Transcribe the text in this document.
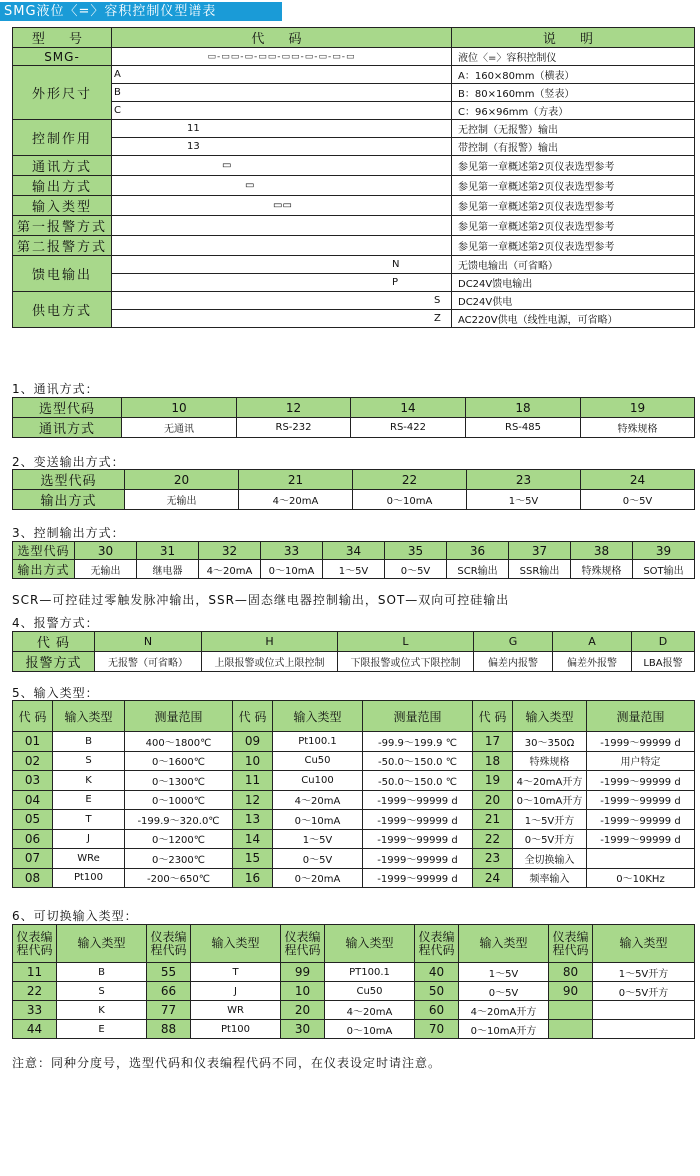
SMG液位〈=〉容积控制仪型谱表
型 号	代 码	说 明
SMG-	▭-▭▭-▭-▭▭-▭▭-▭-▭-▭-▭	液位〈=〉容积控制仪
外形尺寸	A	A：160×80mm（横表）
	B	B：80×160mm（竖表）
	C	C：96×96mm（方表）
控制作用	11	无控制（无报警）输出
	13	带控制（有报警）输出
通讯方式	▭	参见第一章概述第2页仪表选型参考
输出方式	▭	参见第一章概述第2页仪表选型参考
输入类型	▭▭	参见第一章概述第2页仪表选型参考
第一报警方式		参见第一章概述第2页仪表选型参考
第二报警方式		参见第一章概述第2页仪表选型参考
馈电输出	N	无馈电输出（可省略）
	P	DC24V馈电输出
供电方式	S	DC24V供电
	Z	AC220V供电（线性电源，可省略）
1、通讯方式：
选型代码	10	12	14	18	19
通讯方式	无通讯	RS-232	RS-422	RS-485	特殊规格
2、变送输出方式：
选型代码	20	21	22	23	24
输出方式	无输出	4～20mA	0～10mA	1～5V	0～5V
3、控制输出方式：
选型代码	30	31	32	33	34	35	36	37	38	39
输出方式	无输出	继电器	4～20mA	0～10mA	1～5V	0～5V	SCR输出	SSR输出	特殊规格	SOT输出
SCR—可控硅过零触发脉冲输出，SSR—固态继电器控制输出，SOT—双向可控硅输出
4、报警方式：
代 码	N	H	L	G	A	D
报警方式	无报警（可省略）	上限报警或位式上限控制	下限报警或位式下限控制	偏差内报警	偏差外报警	LBA报警
5、输入类型：
代 码	输入类型	测量范围	代 码	输入类型	测量范围	代 码	输入类型	测量范围
01	B	400～1800℃	09	Pt100.1	-99.9～199.9 ℃	17	30～350Ω	-1999～99999 d
02	S	0～1600℃	10	Cu50	-50.0～150.0 ℃	18	特殊规格	用户特定
03	K	0～1300℃	11	Cu100	-50.0～150.0 ℃	19	4～20mA开方	-1999～99999 d
04	E	0～1000℃	12	4～20mA	-1999～99999 d	20	0～10mA开方	-1999～99999 d
05	T	-199.9～320.0℃	13	0～10mA	-1999～99999 d	21	1～5V开方	-1999～99999 d
06	J	0～1200℃	14	1～5V	-1999～99999 d	22	0～5V开方	-1999～99999 d
07	WRe	0～2300℃	15	0～5V	-1999～99999 d	23	全切换输入	
08	Pt100	-200～650℃	16	0～20mA	-1999～99999 d	24	频率输入	0～10KHz
6、可切换输入类型：
仪表编程代码	输入类型	仪表编程代码	输入类型	仪表编程代码	输入类型	仪表编程代码	输入类型	仪表编程代码	输入类型
11	B	55	T	99	PT100.1	40	1～5V	80	1～5V开方
22	S	66	J	10	Cu50	50	0～5V	90	0～5V开方
33	K	77	WR	20	4～20mA	60	4～20mA开方		
44	E	88	Pt100	30	0～10mA	70	0～10mA开方		
注意：同种分度号，选型代码和仪表编程代码不同，在仪表设定时请注意。
